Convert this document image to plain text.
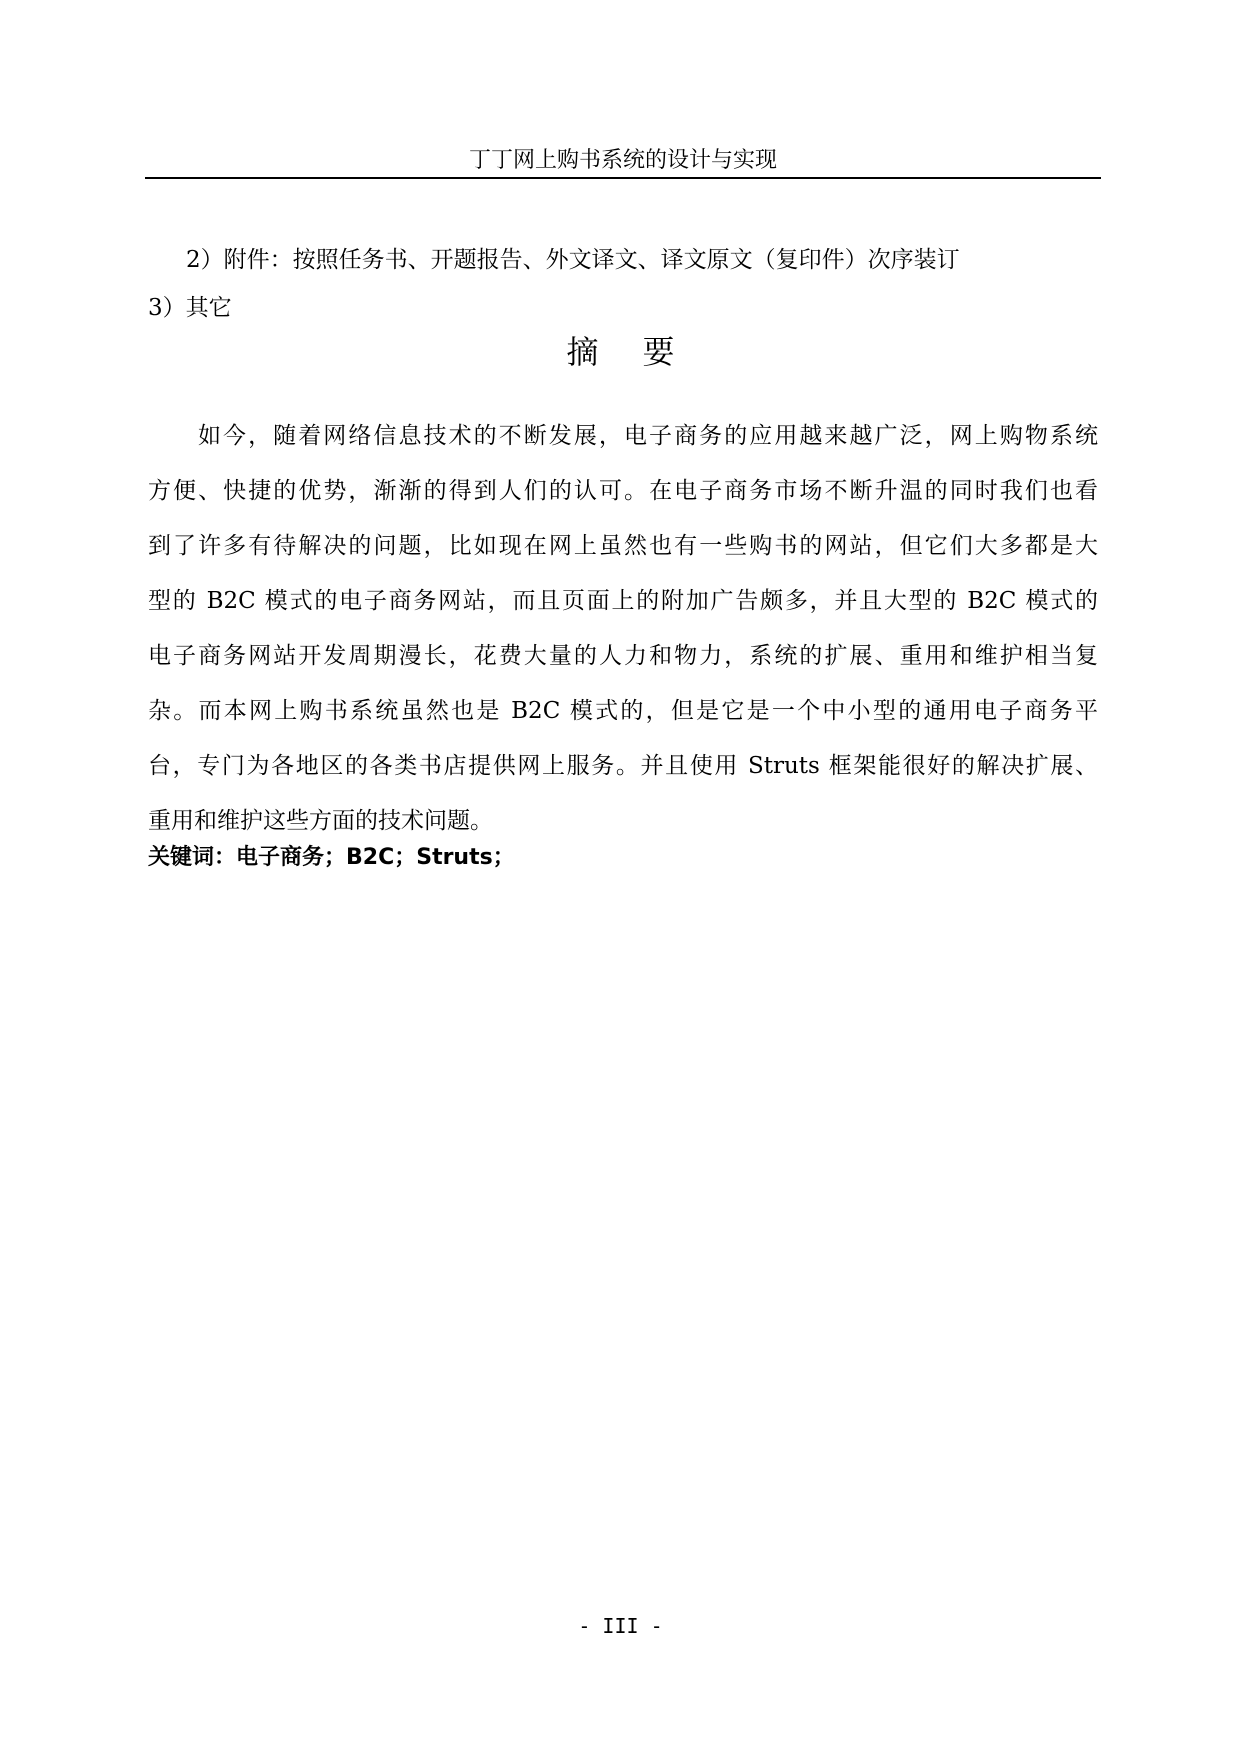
丁丁网上购书系统的设计与实现
2）附件：按照任务书、开题报告、外文译文、译文原文（复印件）次序装订
3）其它
摘要
如今，随着网络信息技术的不断发展，电子商务的应用越来越广泛，网上购物系统
方便、快捷的优势，渐渐的得到人们的认可。在电子商务市场不断升温的同时我们也看
到了许多有待解决的问题，比如现在网上虽然也有一些购书的网站，但它们大多都是大
型的 B2C 模式的电子商务网站，而且页面上的附加广告颇多，并且大型的 B2C 模式的
电子商务网站开发周期漫长，花费大量的人力和物力，系统的扩展、重用和维护相当复
杂。而本网上购书系统虽然也是 B2C 模式的，但是它是一个中小型的通用电子商务平
台，专门为各地区的各类书店提供网上服务。并且使用 Struts 框架能很好的解决扩展、
重用和维护这些方面的技术问题。
关键词：电子商务；B2C；Struts；
- III -
